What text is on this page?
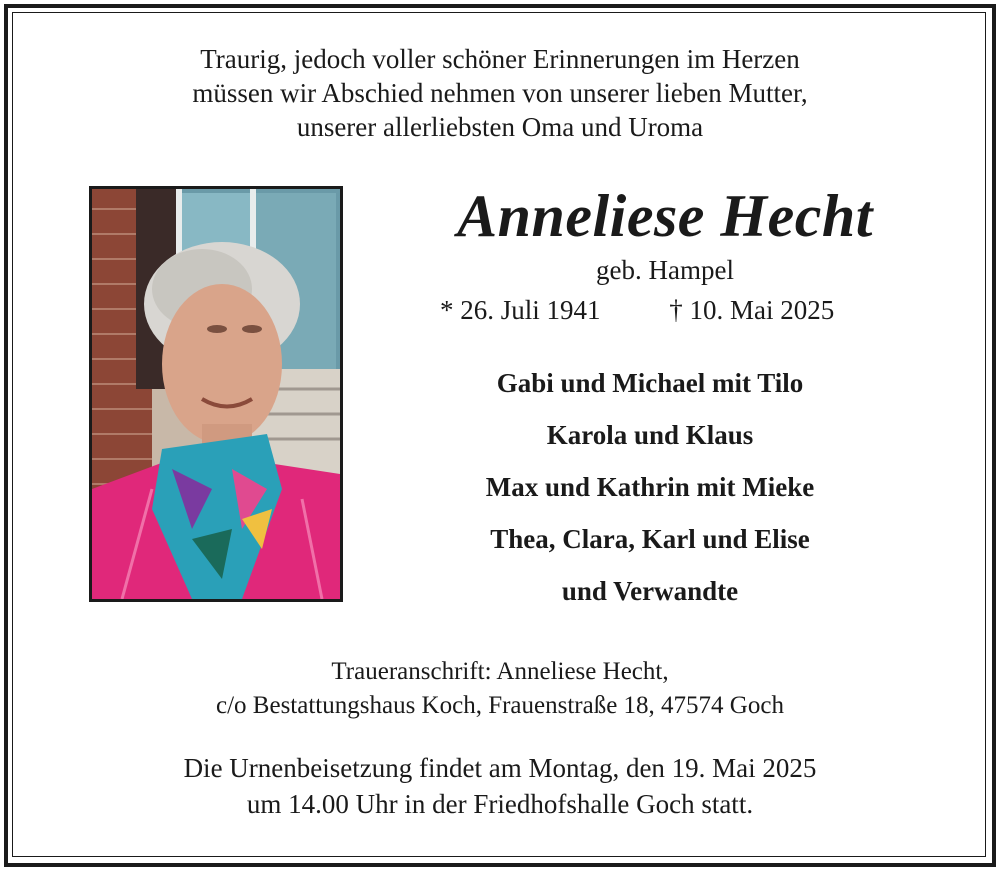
Traurig, jedoch voller schöner Erinnerungen im Herzen
müssen wir Abschied nehmen von unserer lieben Mutter,
unserer allerliebsten Oma und Uroma
Anneliese Hecht
geb. Hampel
* 26. Juli 1941	† 10. Mai 2025
Gabi und Michael mit Tilo
Karola und Klaus
Max und Kathrin mit Mieke
Thea, Clara, Karl und Elise
und Verwandte
Traueranschrift: Anneliese Hecht,
c/o Bestattungshaus Koch, Frauenstraße 18, 47574 Goch
Die Urnenbeisetzung findet am Montag, den 19. Mai 2025
um 14.00 Uhr in der Friedhofshalle Goch statt.
